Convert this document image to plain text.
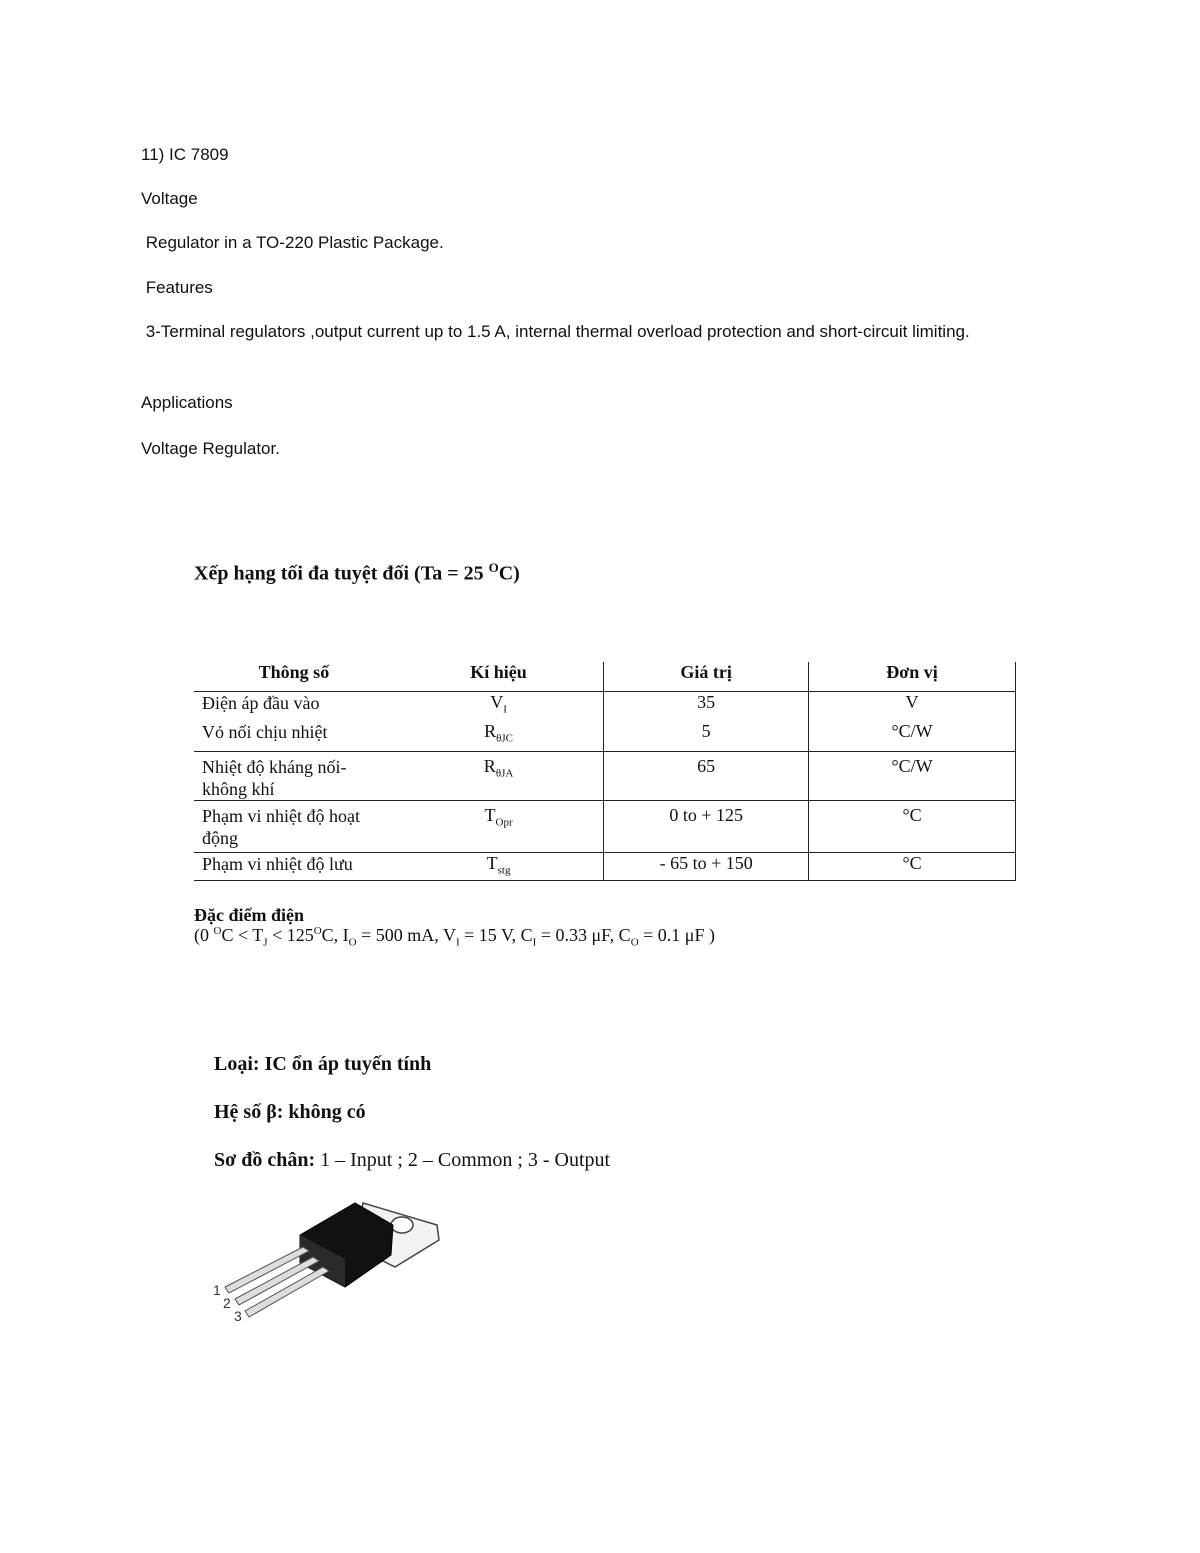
11) IC 7809
Voltage
Regulator in a TO-220 Plastic Package.
Features
3-Terminal regulators ,output current up to 1.5 A, internal thermal overload protection and short-circuit limiting.
Applications
Voltage Regulator.
Xếp hạng tối đa tuyệt đối (Ta = 25 $^O$C)
Thông số	Kí hiệu	Giá trị	Đơn vị
Điện áp đầu vào	$V_I$	35	V
Vỏ nối chịu nhiệt	$R_{\theta JC}$	5	°C/W
Nhiệt độ kháng nối-không khí	$R_{\theta JA}$	65	°C/W
Phạm vi nhiệt độ hoạt động	$T_{Opr}$	0 to + 125	°C
Phạm vi nhiệt độ lưu	$T_{stg}$	- 65 to + 150	°C
Đặc điểm điện
(0 $^OC < T_J < 125^OC$, $I_O = 500$ mA, $V_I = 15$ V, $C_I = 0.33$ μF, $C_O = 0.1$ μF )
Loại: IC ổn áp tuyến tính
Hệ số β: không có
Sơ đồ chân: 1 – Input ; 2 – Common ; 3 - Output
1
2
3
